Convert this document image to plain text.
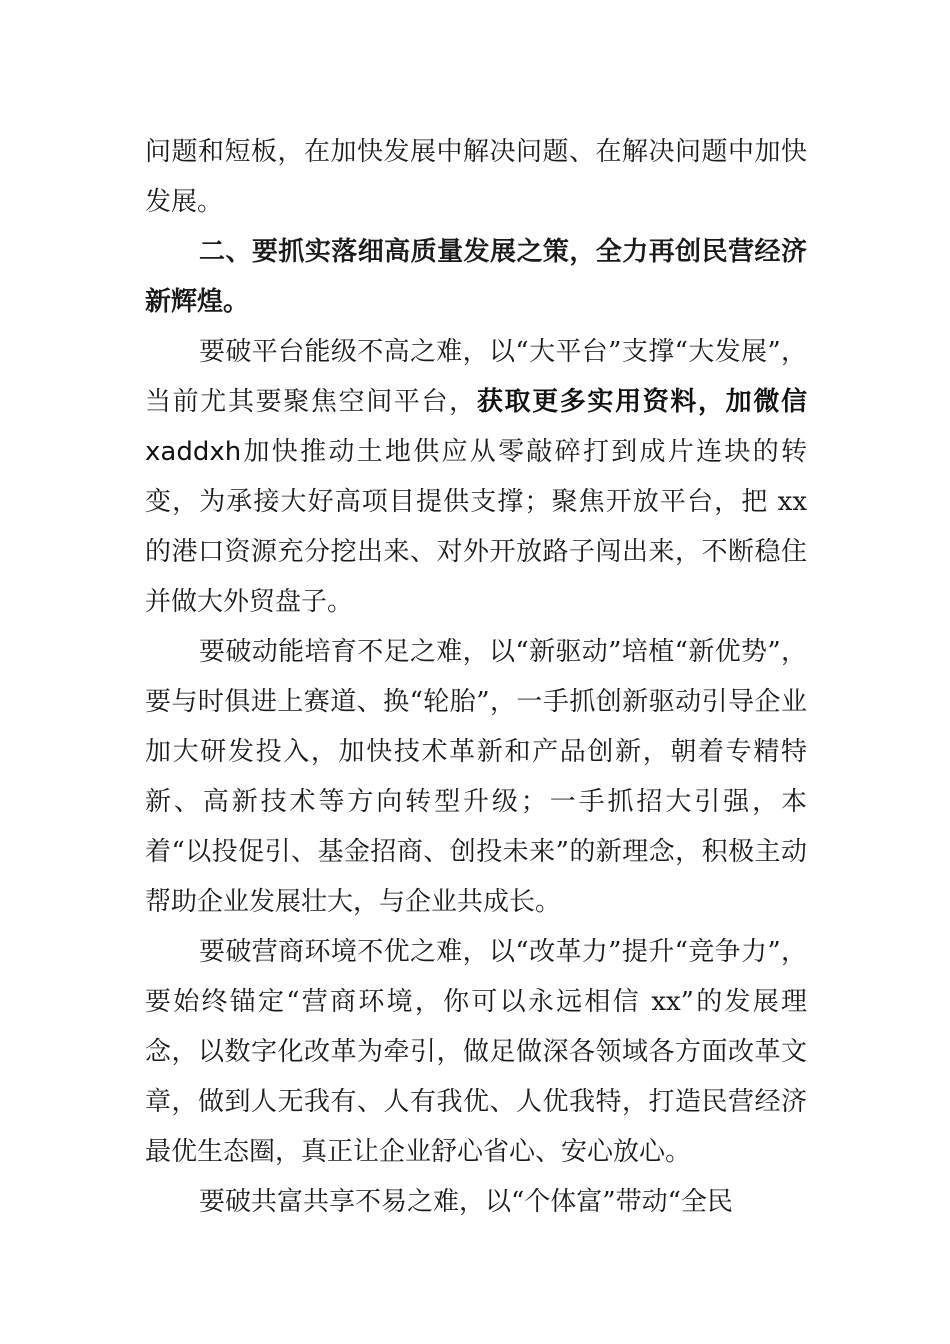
问题和短板，在加快发展中解决问题、在解决问题中加快发展。

二、要抓实落细高质量发展之策，全力再创民营经济新辉煌。

要破平台能级不高之难，以“大平台”支撑“大发展”，当前尤其要聚焦空间平台，获取更多实用资料，加微信xaddxh加快推动土地供应从零敲碎打到成片连块的转变，为承接大好高项目提供支撑；聚焦开放平台，把 xx 的港口资源充分挖出来、对外开放路子闯出来，不断稳住并做大外贸盘子。

要破动能培育不足之难，以“新驱动”培植“新优势”，要与时俱进上赛道、换“轮胎”，一手抓创新驱动引导企业加大研发投入，加快技术革新和产品创新，朝着专精特新、高新技术等方向转型升级；一手抓招大引强，本着“以投促引、基金招商、创投未来”的新理念，积极主动帮助企业发展壮大，与企业共成长。

要破营商环境不优之难，以“改革力”提升“竞争力”，要始终锚定“营商环境，你可以永远相信 xx”的发展理念，以数字化改革为牵引，做足做深各领域各方面改革文章，做到人无我有、人有我优、人优我特，打造民营经济最优生态圈，真正让企业舒心省心、安心放心。

要破共富共享不易之难，以“个体富”带动“全民
